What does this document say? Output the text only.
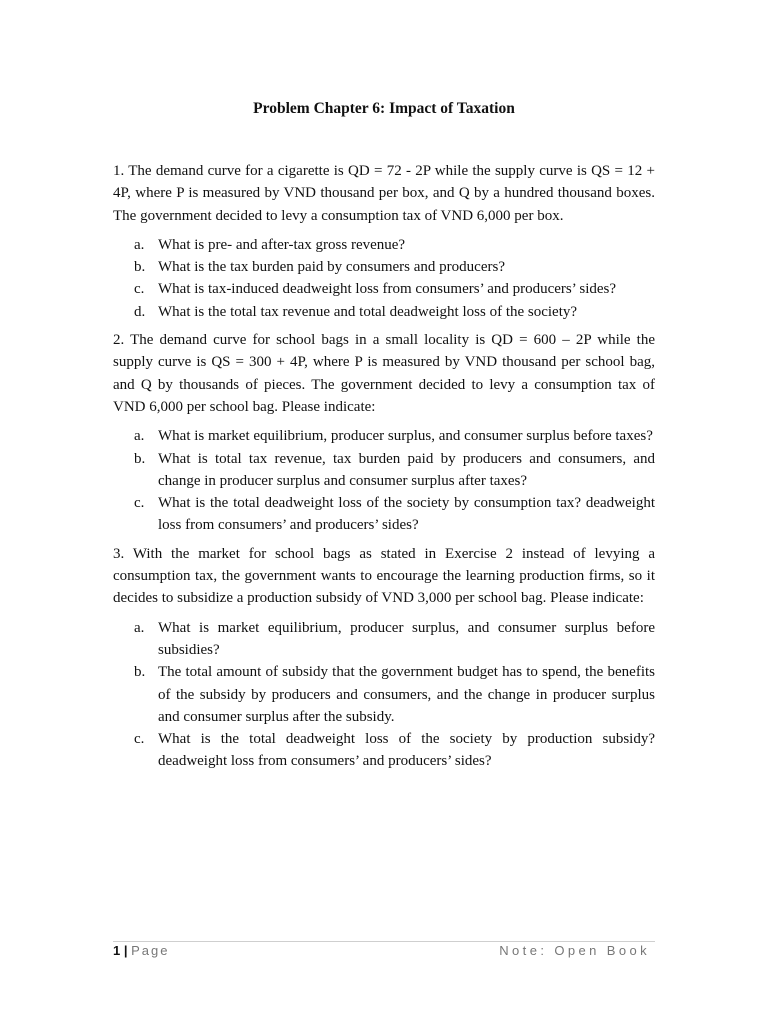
Problem Chapter 6: Impact of Taxation

1. The demand curve for a cigarette is QD = 72 - 2P while the supply curve is QS = 12 + 4P, where P is measured by VND thousand per box, and Q by a hundred thousand boxes. The government decided to levy a consumption tax of VND 6,000 per box.

a. What is pre- and after-tax gross revenue?
b. What is the tax burden paid by consumers and producers?
c. What is tax-induced deadweight loss from consumers’ and producers’ sides?
d. What is the total tax revenue and total deadweight loss of the society?

2. The demand curve for school bags in a small locality is QD = 600 – 2P while the supply curve is QS = 300 + 4P, where P is measured by VND thousand per school bag, and Q by thousands of pieces. The government decided to levy a consumption tax of VND 6,000 per school bag. Please indicate:

a. What is market equilibrium, producer surplus, and consumer surplus before taxes?
b. What is total tax revenue, tax burden paid by producers and consumers, and change in producer surplus and consumer surplus after taxes?
c. What is the total deadweight loss of the society by consumption tax? deadweight loss from consumers’ and producers’ sides?

3. With the market for school bags as stated in Exercise 2 instead of levying a consumption tax, the government wants to encourage the learning production firms, so it decides to subsidize a production subsidy of VND 3,000 per school bag. Please indicate:

a. What is market equilibrium, producer surplus, and consumer surplus before subsidies?
b. The total amount of subsidy that the government budget has to spend, the benefits of the subsidy by producers and consumers, and the change in producer surplus and consumer surplus after the subsidy.
c. What is the total deadweight loss of the society by production subsidy? deadweight loss from consumers’ and producers’ sides?
1 | Page	Note: Open Book
